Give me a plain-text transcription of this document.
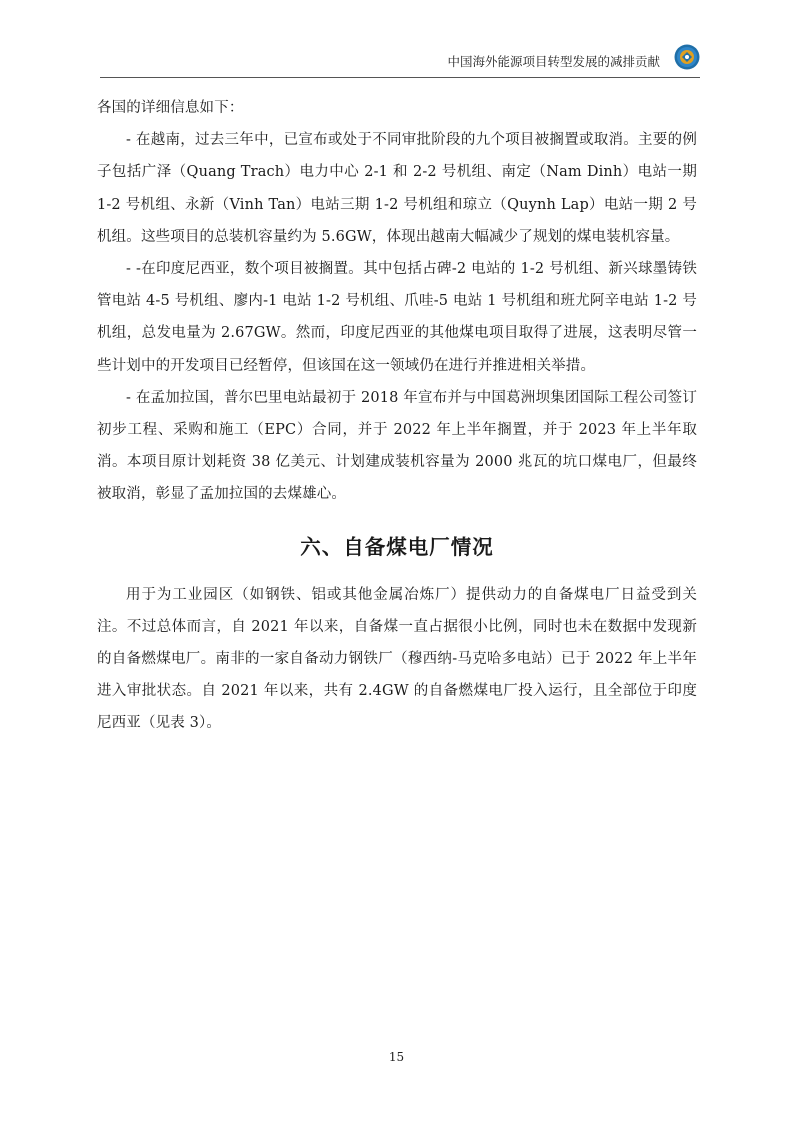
中国海外能源项目转型发展的减排贡献

各国的详细信息如下：

- 在越南，过去三年中，已宣布或处于不同审批阶段的九个项目被搁置或取消。主要的例子包括广泽（Quang Trach）电力中心 2-1 和 2-2 号机组、南定（Nam Dinh）电站一期 1-2 号机组、永新（Vinh Tan）电站三期 1-2 号机组和琼立（Quynh Lap）电站一期 2 号机组。这些项目的总装机容量约为 5.6GW，体现出越南大幅减少了规划的煤电装机容量。

- -在印度尼西亚，数个项目被搁置。其中包括占碑-2 电站的 1-2 号机组、新兴球墨铸铁管电站 4-5 号机组、廖内-1 电站 1-2 号机组、爪哇-5 电站 1 号机组和班尤阿辛电站 1-2 号机组，总发电量为 2.67GW。然而，印度尼西亚的其他煤电项目取得了进展，这表明尽管一些计划中的开发项目已经暂停，但该国在这一领域仍在进行并推进相关举措。

- 在孟加拉国，普尔巴里电站最初于 2018 年宣布并与中国葛洲坝集团国际工程公司签订初步工程、采购和施工（EPC）合同，并于 2022 年上半年搁置，并于 2023 年上半年取消。本项目原计划耗资 38 亿美元、计划建成装机容量为 2000 兆瓦的坑口煤电厂，但最终被取消，彰显了孟加拉国的去煤雄心。

六、自备煤电厂情况

用于为工业园区（如钢铁、铝或其他金属冶炼厂）提供动力的自备煤电厂日益受到关注。不过总体而言，自 2021 年以来，自备煤一直占据很小比例，同时也未在数据中发现新的自备燃煤电厂。南非的一家自备动力钢铁厂（穆西纳-马克哈多电站）已于 2022 年上半年进入审批状态。自 2021 年以来，共有 2.4GW 的自备燃煤电厂投入运行，且全部位于印度尼西亚（见表 3）。

15
